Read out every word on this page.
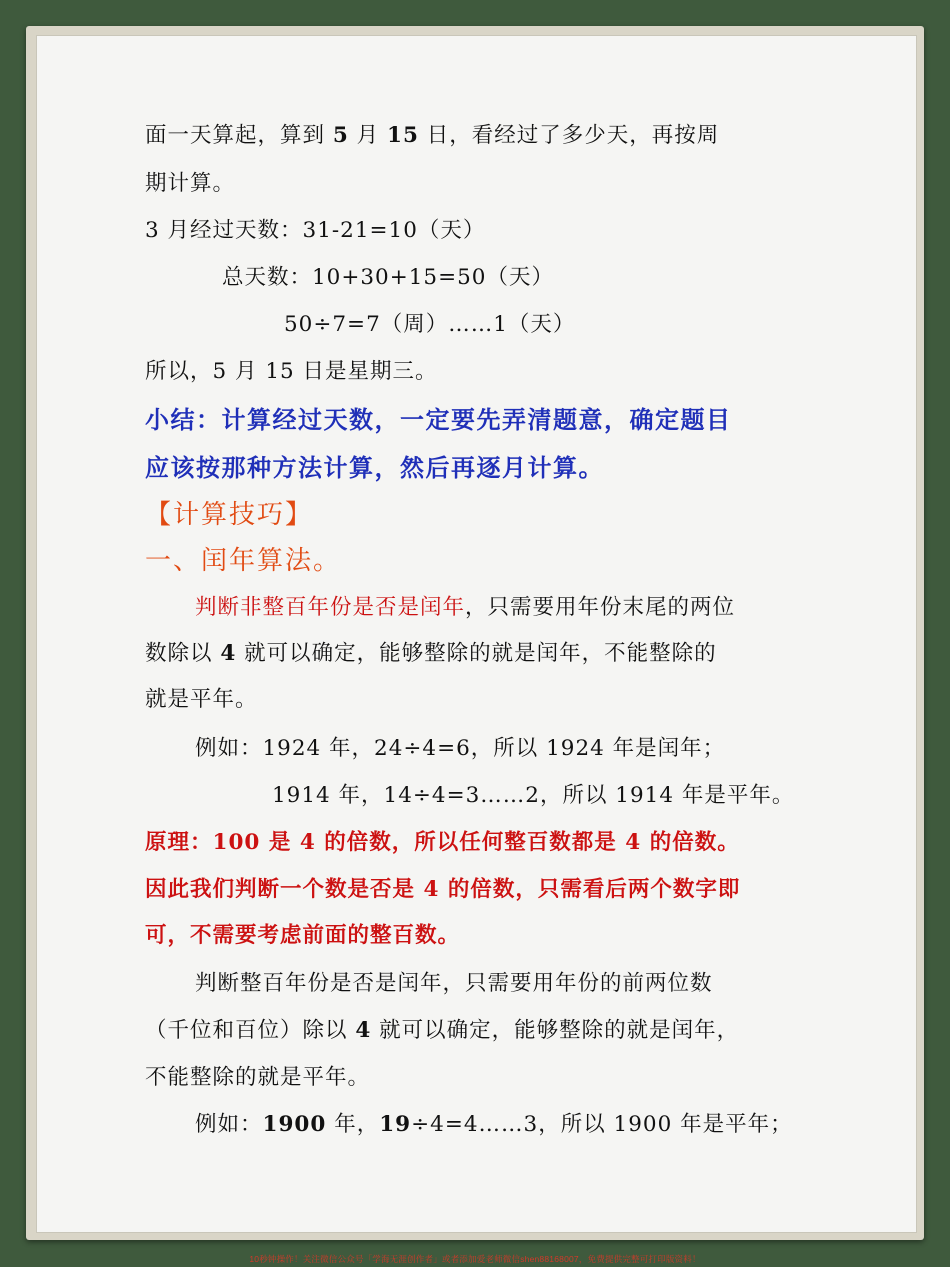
面一天算起，算到 5 月 15 日，看经过了多少天，再按周
期计算。
3 月经过天数：31-21=10（天）
总天数：10+30+15=50（天）
50÷7=7（周）……1（天）
所以，5 月 15 日是星期三。
小结：计算经过天数，一定要先弄清题意，确定题目
应该按那种方法计算，然后再逐月计算。
【计算技巧】
一、闰年算法。
判断非整百年份是否是闰年，只需要用年份末尾的两位
数除以 4 就可以确定，能够整除的就是闰年，不能整除的
就是平年。
例如：1924 年，24÷4=6，所以 1924 年是闰年；
1914 年，14÷4=3……2，所以 1914 年是平年。
原理：100 是 4 的倍数，所以任何整百数都是 4 的倍数。
因此我们判断一个数是否是 4 的倍数，只需看后两个数字即
可，不需要考虑前面的整百数。
判断整百年份是否是闰年，只需要用年份的前两位数
（千位和百位）除以 4 就可以确定，能够整除的就是闰年，
不能整除的就是平年。
例如：1900 年，19÷4=4……3，所以 1900 年是平年；
10秒钟操作！关注微信公众号「学海无涯创作者」或者添加爱老师微信shen88168007，免费提供完整可打印版资料！
